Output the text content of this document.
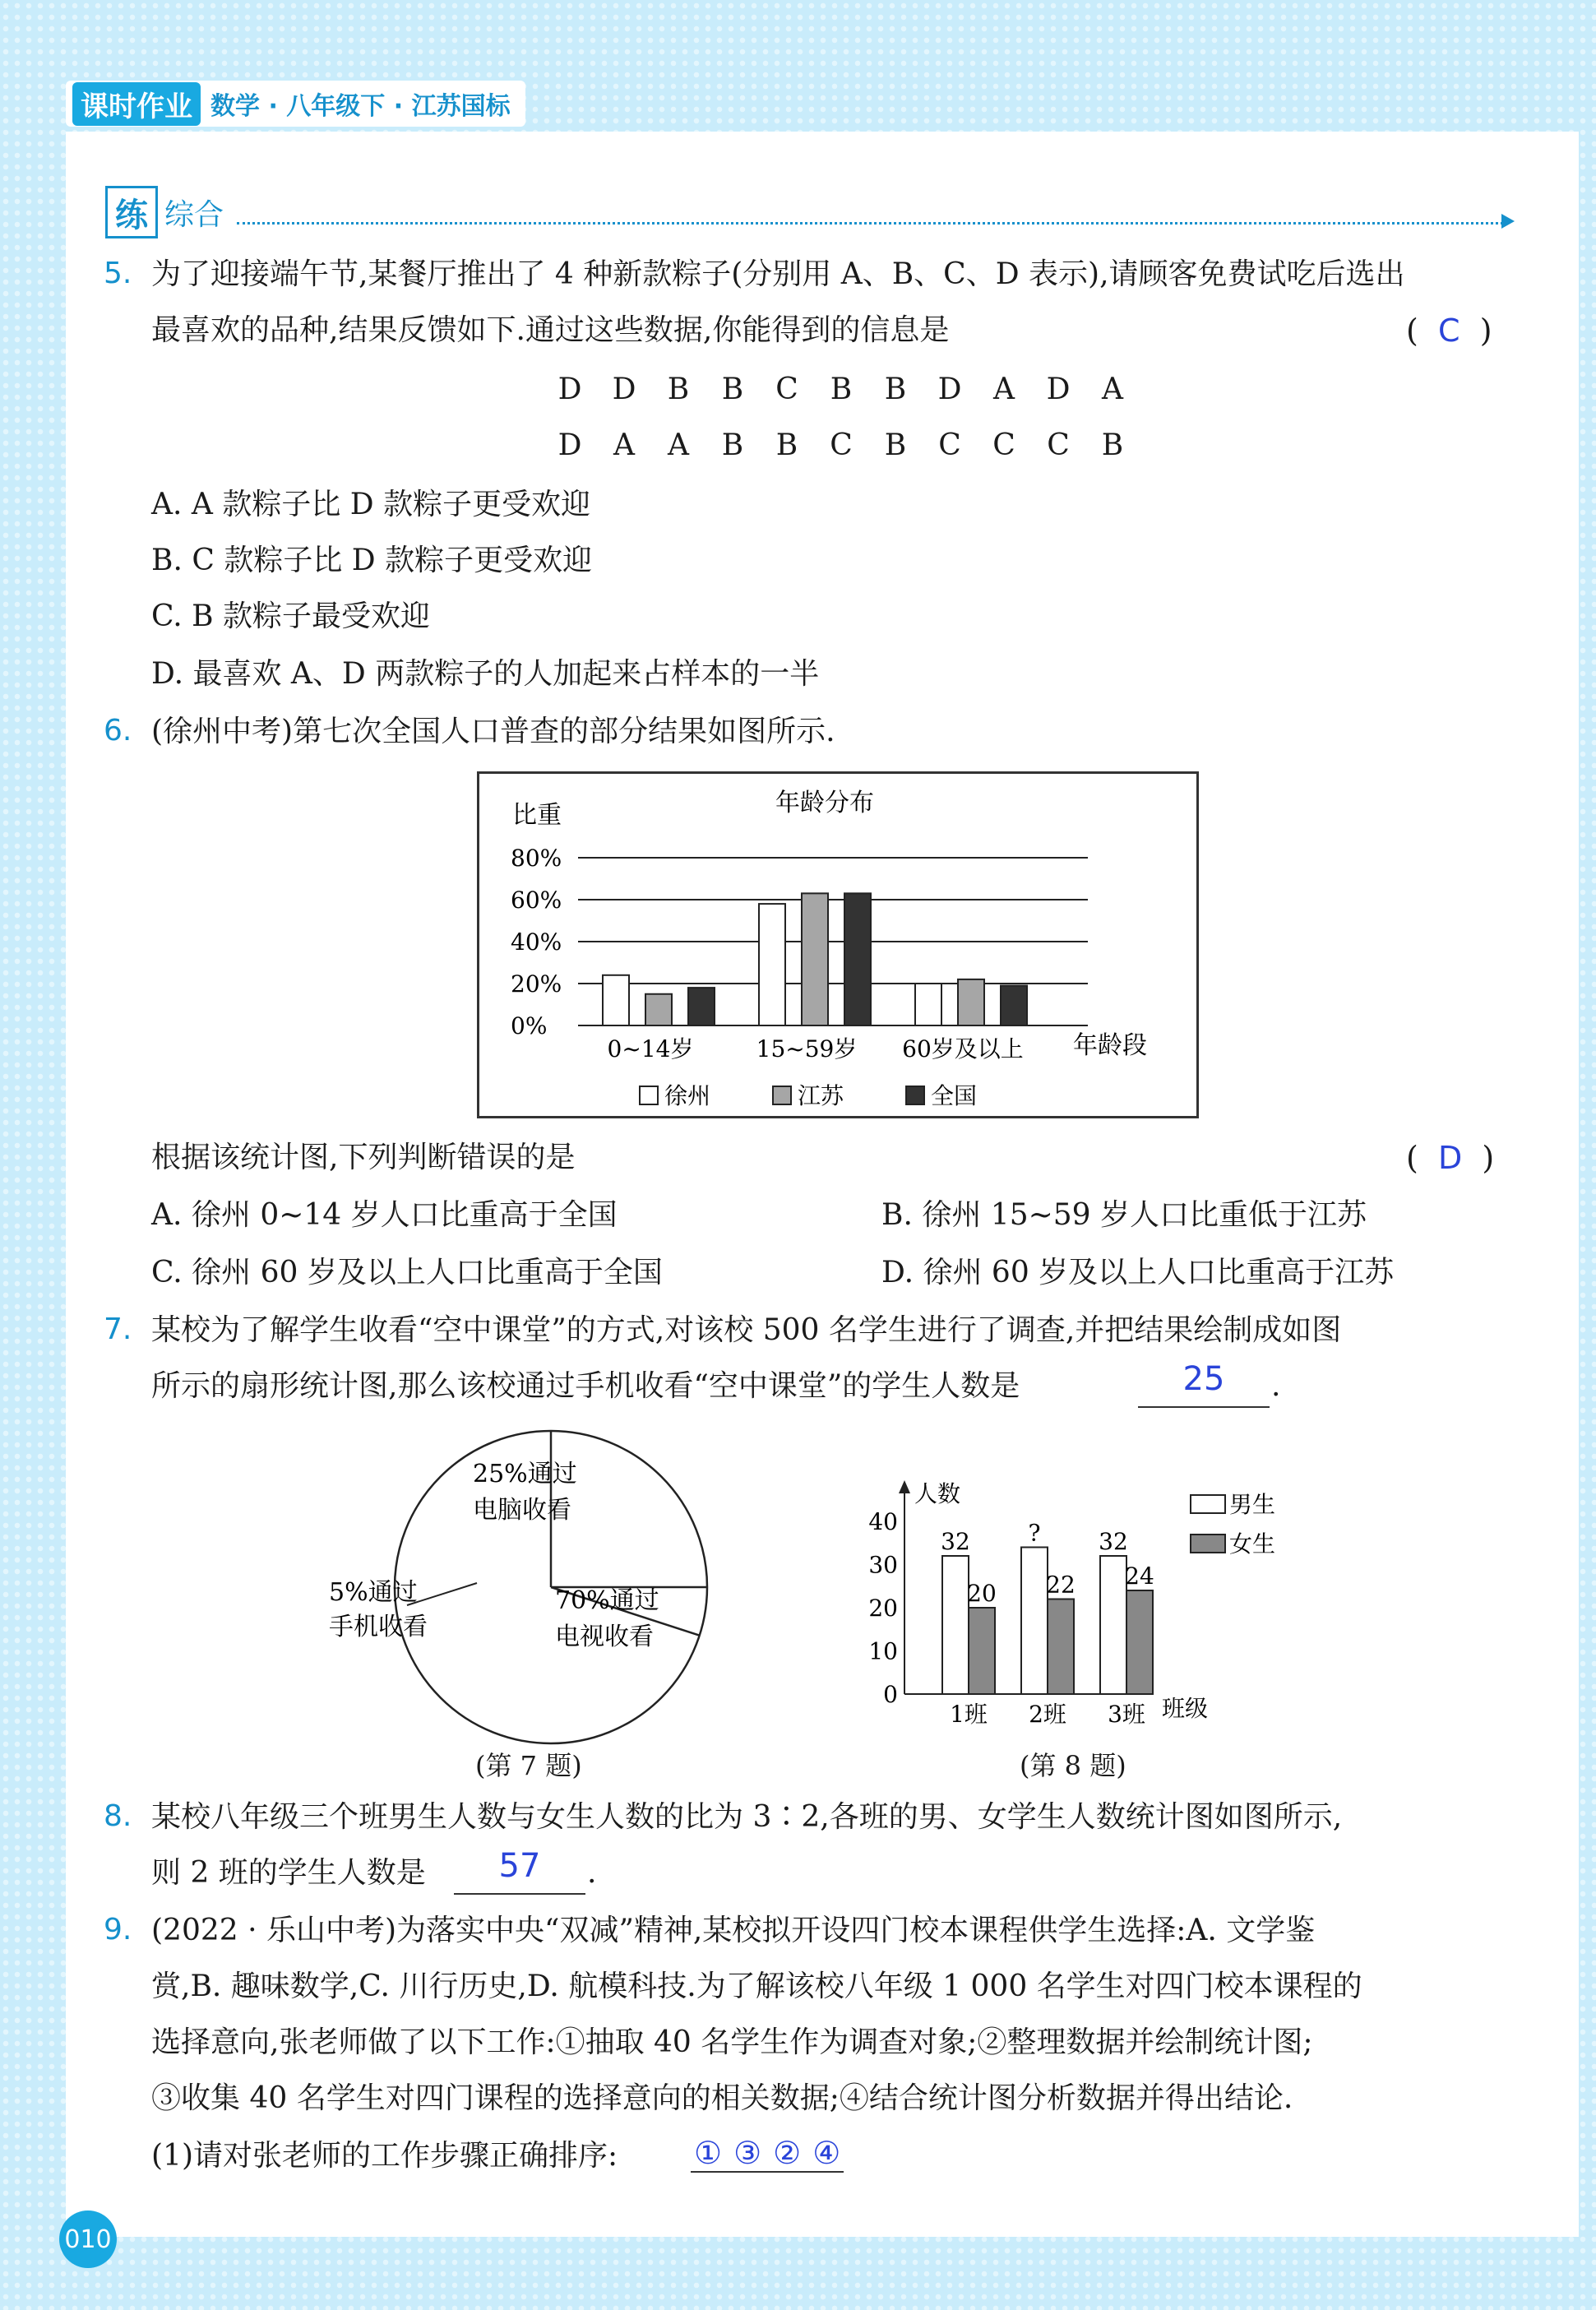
课时作业 数学 · 八年级下 · 江苏国标
练 综合
5. 为了迎接端午节,某餐厅推出了 4 种新款粽子(分别用 A、B、C、D 表示),请顾客免费试吃后选出
最喜欢的品种,结果反馈如下.通过这些数据,你能得到的信息是	(  C  )
D	D	B	B	C	B	B	D	A	D	A
D	A	A	B	B	C	B	C	C	C	B
A. A 款粽子比 D 款粽子更受欢迎
B. C 款粽子比 D 款粽子更受欢迎
C. B 款粽子最受欢迎
D. 最喜欢 A、D 两款粽子的人加起来占样本的一半
6. (徐州中考)第七次全国人口普查的部分结果如图所示.
年龄分布
比重
年龄段
0%
20%
40%
60%
80%
0~14岁	15~59岁 60岁及以上
徐州	江苏	全国
根据该统计图,下列判断错误的是	(  D  )
A. 徐州 0~14 岁人口比重高于全国	B. 徐州 15~59 岁人口比重低于江苏
C. 徐州 60 岁及以上人口比重高于全国	D. 徐州 60 岁及以上人口比重高于江苏
7. 某校为了解学生收看“空中课堂”的方式,对该校 500 名学生进行了调查,并把结果绘制成如图
所示的扇形统计图,那么该校通过手机收看“空中课堂”的学生人数是	25	.
25%通过
电脑收看
5%通过
手机收看
70%通过
电视收看
(第 7 题)
人数
班级
0
10
20
30
40
32
20
1班
?
22
2班
32
24
3班
男生
女生
(第 8 题)
8. 某校八年级三个班男生人数与女生人数的比为 3∶2,各班的男、女学生人数统计图如图所示,
则 2 班的学生人数是	57	.
9. (2022 · 乐山中考)为落实中央“双减”精神,某校拟开设四门校本课程供学生选择:A. 文学鉴
赏,B. 趣味数学,C. 川行历史,D. 航模科技.为了解该校八年级 1 000 名学生对四门校本课程的
选择意向,张老师做了以下工作:①抽取 40 名学生作为调查对象;②整理数据并绘制统计图;
③收集 40 名学生对四门课程的选择意向的相关数据;④结合统计图分析数据并得出结论.
(1)请对张老师的工作步骤正确排序: ① ③ ② ④
010
